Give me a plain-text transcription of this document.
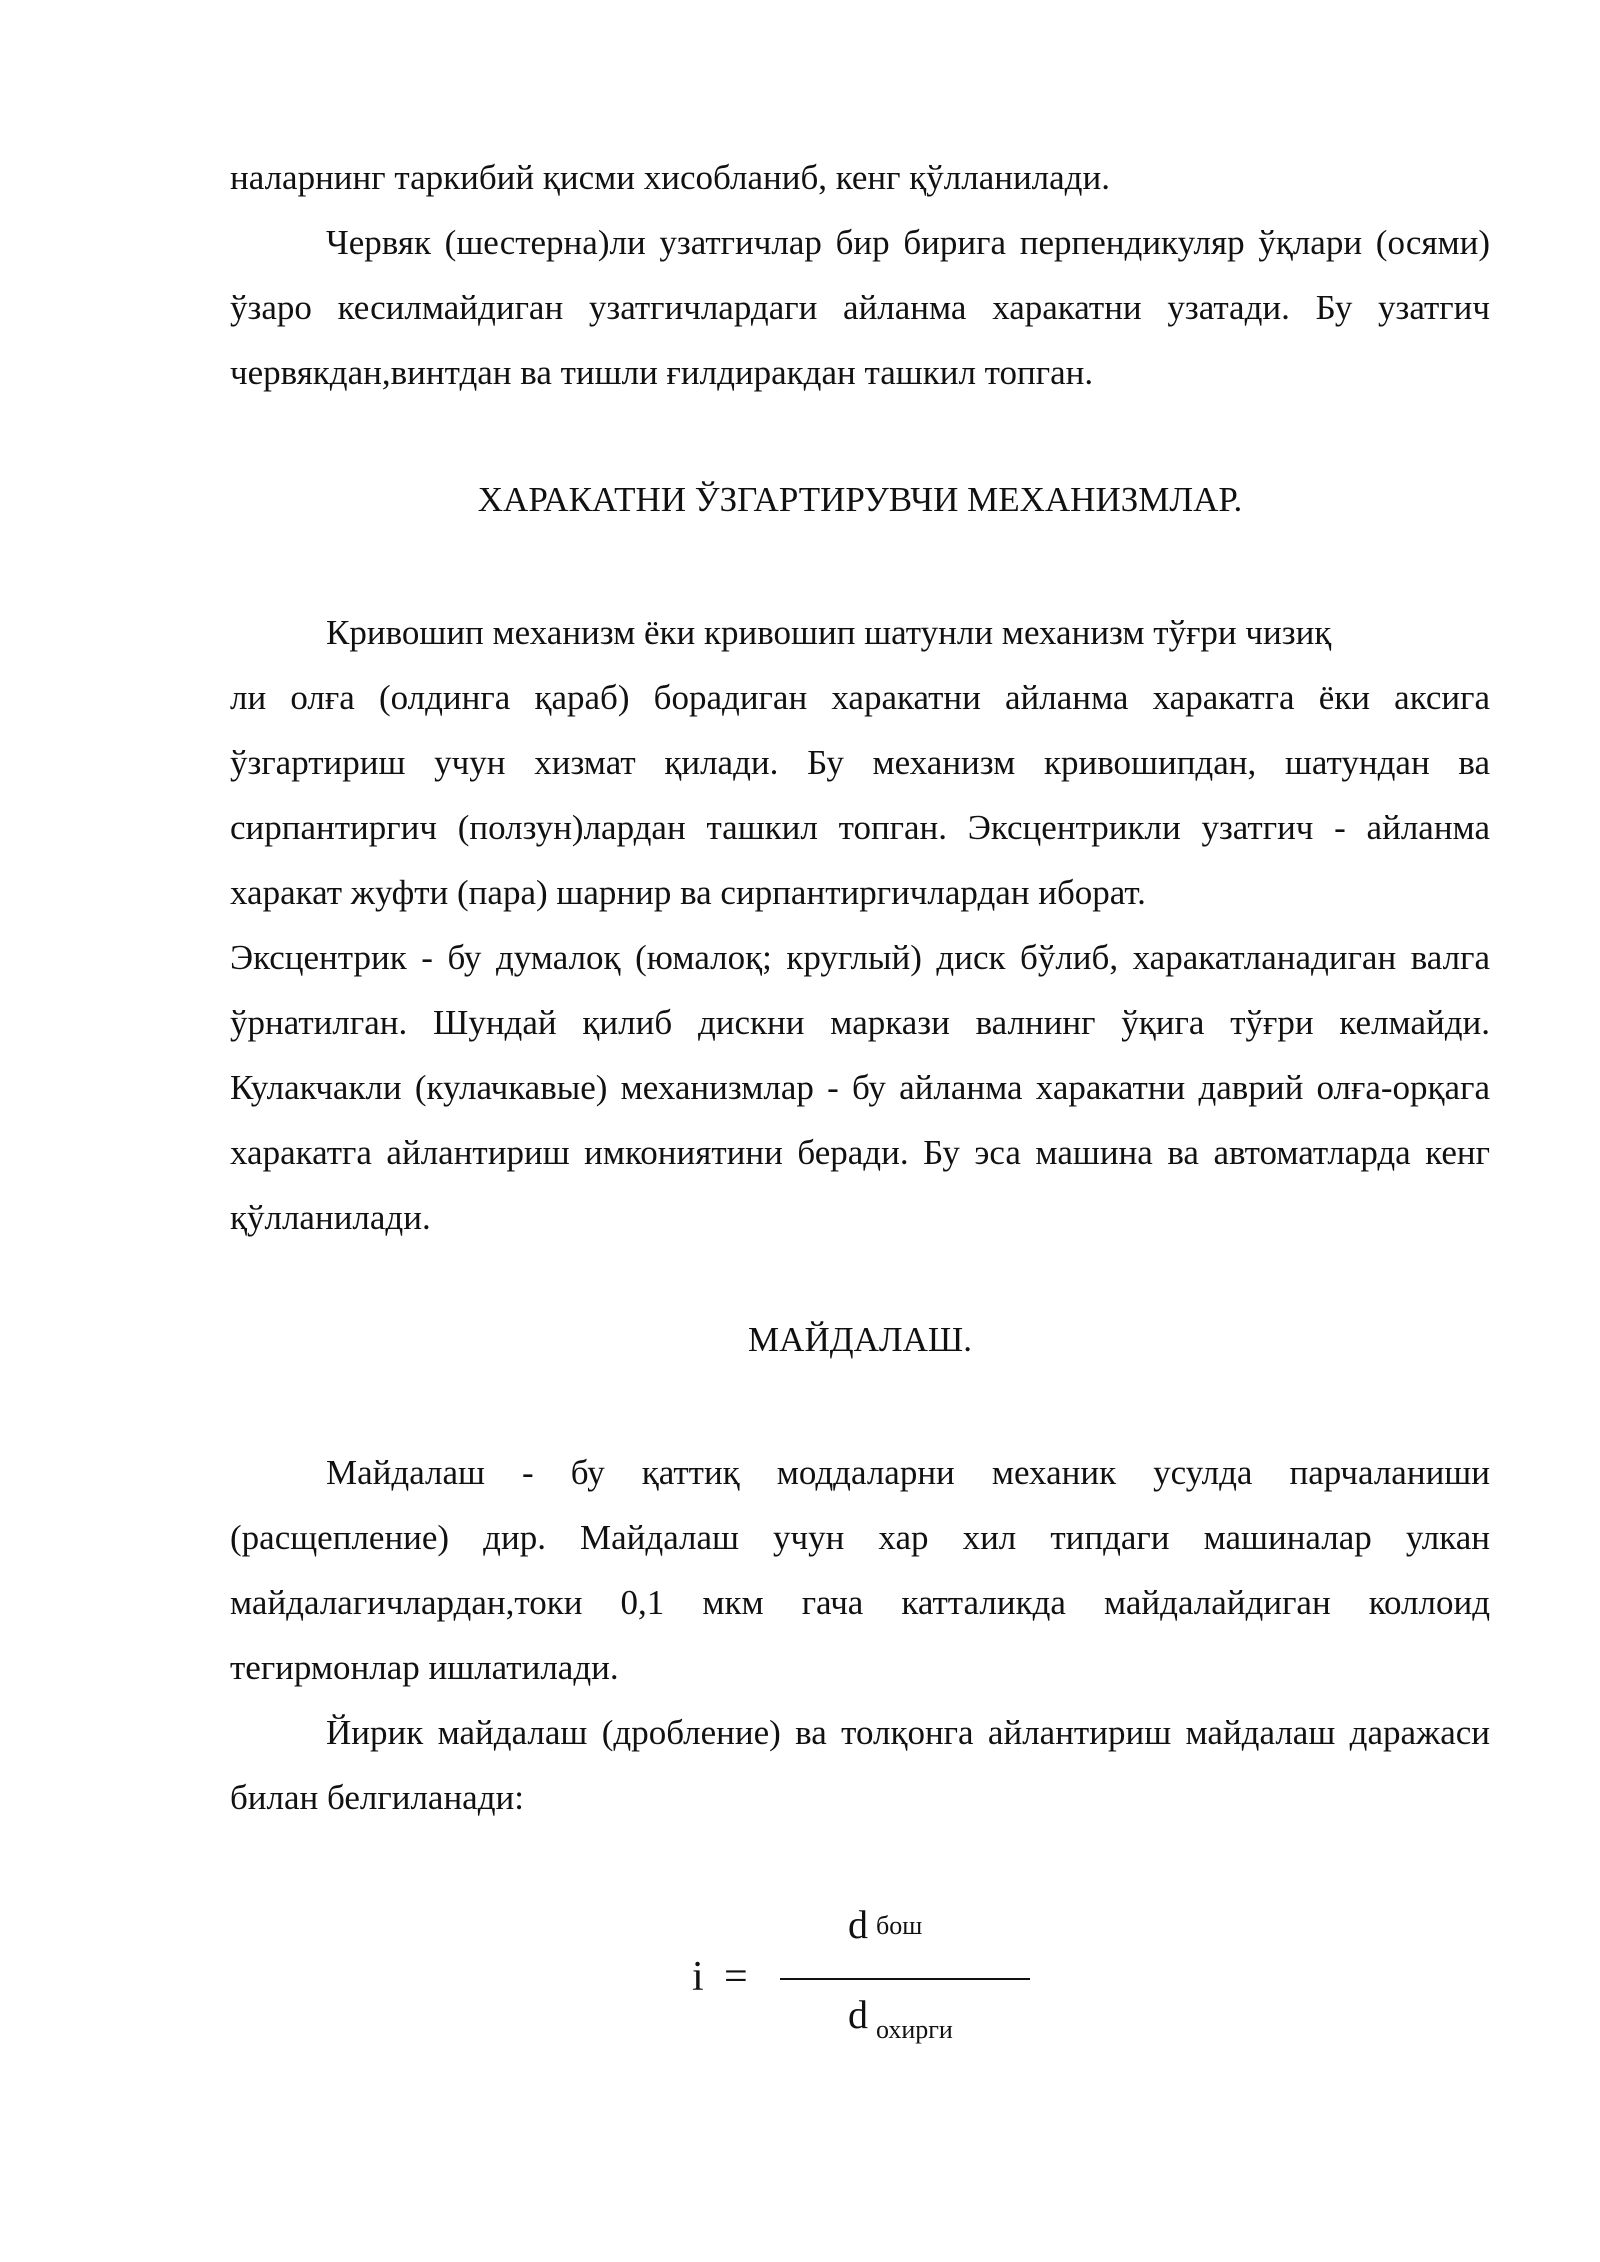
наларнинг таркибий қисми хисобланиб, кенг қўлланилади.

Червяк (шестерна)ли узатгичлар бир бирига перпендикуляр ўқлари (осями) ўзаро кесилмайдиган узатгичлардаги айланма харакатни узатади. Бу узатгич червякдан,винтдан ва тишли ғилдиракдан ташкил топган.

ХАРАКАТНИ ЎЗГАРТИРУВЧИ МЕХАНИЗМЛАР.

Кривошип механизм ёки кривошип шатунли механизм тўғри чизиқ

ли олға (олдинга қараб) борадиган харакатни айланма харакатга ёки аксига ўзгартириш учун хизмат қилади. Бу механизм кривошипдан, шатундан ва сирпантиргич (ползун)лардан ташкил топган. Эксцентрикли узатгич - айланма харакат жуфти (пара) шарнир ва сирпантиргичлардан иборат.

Эксцентрик - бу думалоқ (юмалоқ; круглый) диск бўлиб, харакатланадиган валга ўрнатилган. Шундай қилиб дискни маркази валнинг ўқига тўғри келмайди. Кулакчакли (кулачкавые) механизмлар - бу айланма харакатни даврий олға-орқага харакатга айлантириш имкониятини беради. Бу эса машина ва автоматларда кенг қўлланилади.

МАЙДАЛАШ.

Майдалаш - бу қаттиқ моддаларни механик усулда парчаланиши (расщепление) дир. Майдалаш учун хар хил типдаги машиналар улкан майдалагичлардан,токи 0,1 мкм гача катталикда майдалайдиган коллоид тегирмонлар ишлатилади.

Йирик майдалаш (дробление) ва толқонга айлантириш майдалаш даражаси билан белгиланади:

i =
dбош
d $_{охирги}$
